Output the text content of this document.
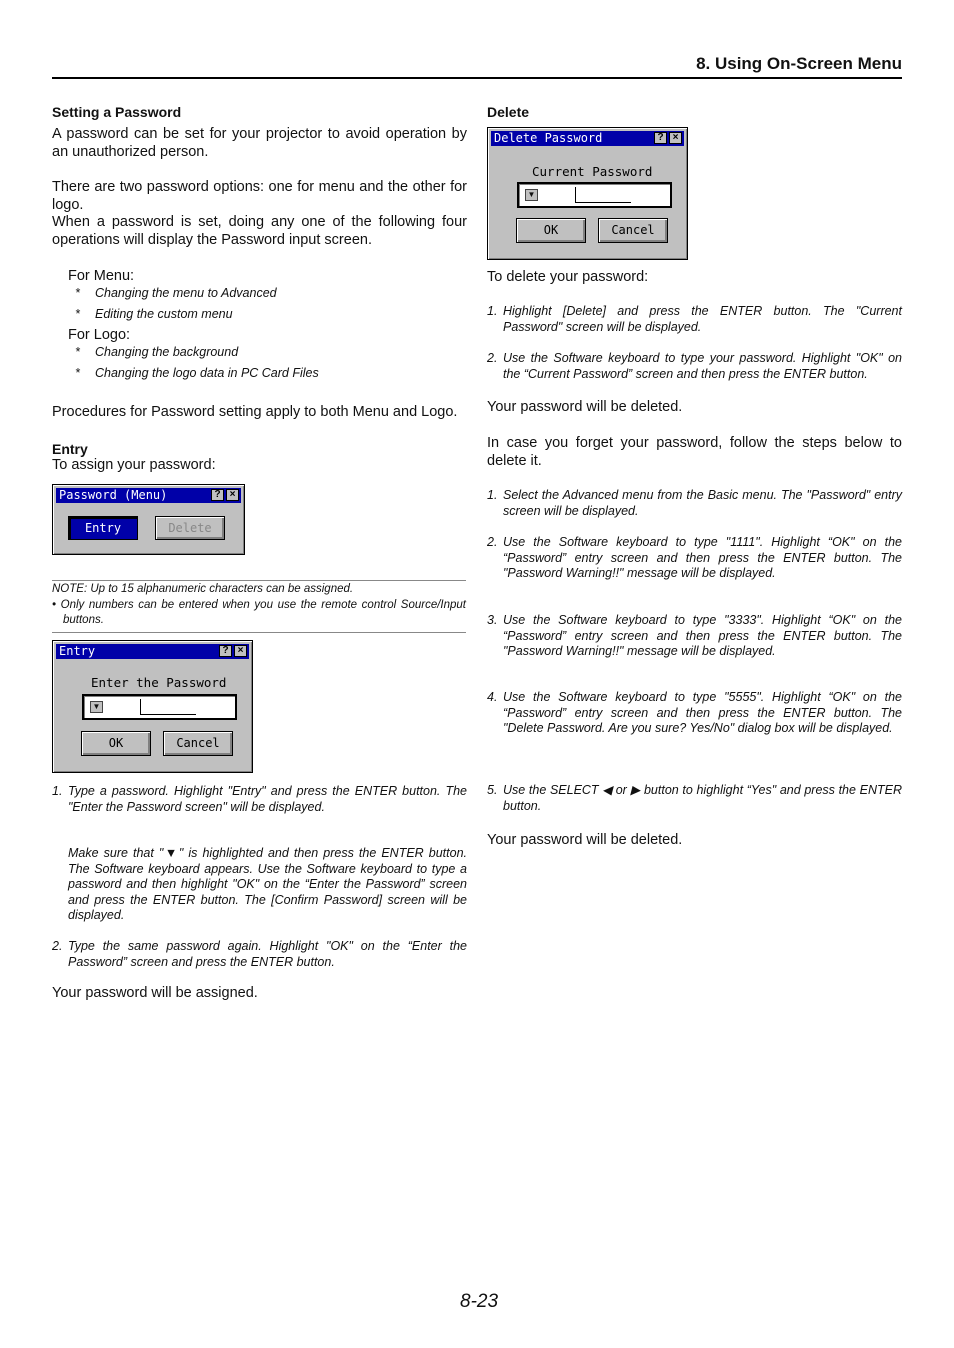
8. Using On-Screen Menu
Setting a Password
A password can be set for your projector to avoid operation by an unauthorized person.
There are two password options: one for menu and the other for logo.
When a password is set, doing any one of the following four operations will display the Password input screen.
For Menu:
* Changing the menu to Advanced
* Editing the custom menu
For Logo:
* Changing the background
* Changing the logo data in PC Card Files
Procedures for Password setting apply to both Menu and Logo.
Entry
To assign your password:
Password (Menu)	? ×
Entry	Delete
NOTE: Up to 15 alphanumeric characters can be assigned.
• Only numbers can be entered when you use the remote control Source/Input buttons.
Entry	? ×
Enter the Password
▼
OK	Cancel
1. Type a password. Highlight "Entry" and press the ENTER button. The "Enter the Password screen" will be displayed.
Make sure that "▼" is highlighted and then press the ENTER button. The Software keyboard appears. Use the Software keyboard to type a password and then highlight "OK" on the “Enter the Password” screen and press the ENTER button. The [Confirm Password] screen will be displayed.
2. Type the same password again. Highlight "OK" on the “Enter the Password” screen and press the ENTER button.
Your password will be assigned.
Delete
Delete Password	? ×
Current Password
▼
OK	Cancel
To delete your password:
1. Highlight [Delete] and press the ENTER button. The "Current Password" screen will be displayed.
2. Use the Software keyboard to type your password. Highlight "OK" on the “Current Password” screen and then press the ENTER button.
Your password will be deleted.
In case you forget your password, follow the steps below to delete it.
1. Select the Advanced menu from the Basic menu. The "Password" entry screen will be displayed.
2. Use the Software keyboard to type "1111". Highlight “OK" on the “Password” entry screen and then press the ENTER button. The "Password Warning!!" message will be displayed.
3. Use the Software keyboard to type "3333". Highlight “OK" on the “Password” entry screen and then press the ENTER button. The "Password Warning!!" message will be displayed.
4. Use the Software keyboard to type "5555". Highlight “OK" on the “Password” entry screen and then press the ENTER button. The "Delete Password. Are you sure? Yes/No" dialog box will be displayed.
5. Use the SELECT ◀ or ▶ button to highlight “Yes" and press the ENTER button.
Your password will be deleted.
8-23
